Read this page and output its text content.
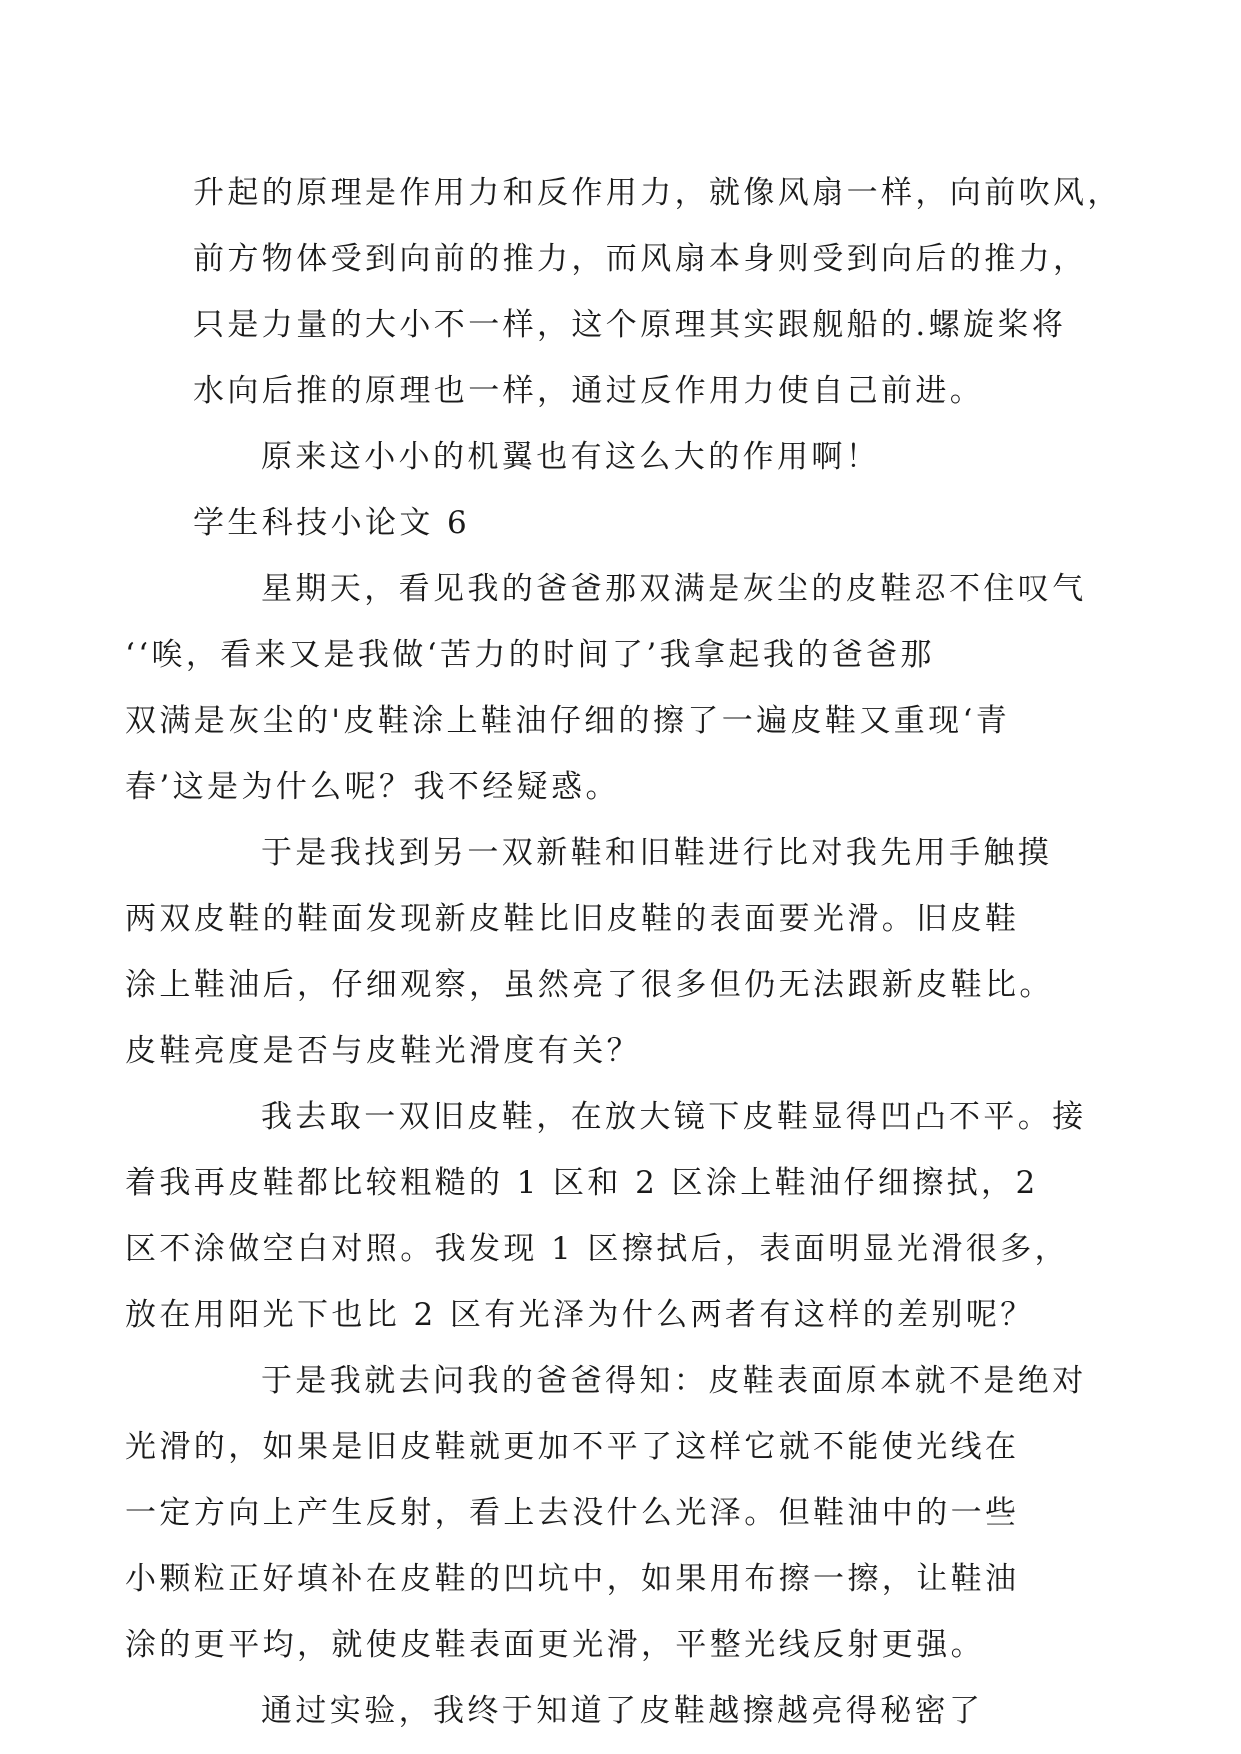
升起的原理是作用力和反作用力，就像风扇一样，向前吹风，
前方物体受到向前的推力，而风扇本身则受到向后的推力，
只是力量的大小不一样，这个原理其实跟舰船的.螺旋桨将
水向后推的原理也一样，通过反作用力使自己前进。

原来这小小的机翼也有这么大的作用啊！

学生科技小论文 6

星期天，看见我的爸爸那双满是灰尘的皮鞋忍不住叹气
‘‘唉，看来又是我做‘苦力的时间了’我拿起我的爸爸那
双满是灰尘的'皮鞋涂上鞋油仔细的擦了一遍皮鞋又重现‘青
春’这是为什么呢？我不经疑惑。

于是我找到另一双新鞋和旧鞋进行比对我先用手触摸
两双皮鞋的鞋面发现新皮鞋比旧皮鞋的表面要光滑。旧皮鞋
涂上鞋油后，仔细观察，虽然亮了很多但仍无法跟新皮鞋比。
皮鞋亮度是否与皮鞋光滑度有关？

我去取一双旧皮鞋，在放大镜下皮鞋显得凹凸不平。接
着我再皮鞋都比较粗糙的 1 区和 2 区涂上鞋油仔细擦拭，2
区不涂做空白对照。我发现 1 区擦拭后，表面明显光滑很多，
放在用阳光下也比 2 区有光泽为什么两者有这样的差别呢？

于是我就去问我的爸爸得知：皮鞋表面原本就不是绝对
光滑的，如果是旧皮鞋就更加不平了这样它就不能使光线在
一定方向上产生反射，看上去没什么光泽。但鞋油中的一些
小颗粒正好填补在皮鞋的凹坑中，如果用布擦一擦，让鞋油
涂的更平均，就使皮鞋表面更光滑，平整光线反射更强。

通过实验，我终于知道了皮鞋越擦越亮得秘密了
